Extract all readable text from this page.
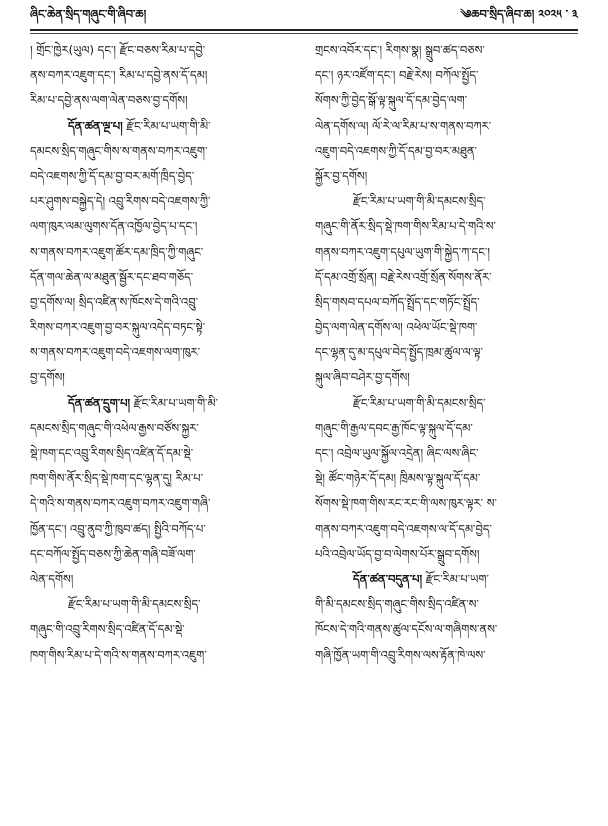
ཞིང་ཆེན་སྲིད་གཞུང་གི་ཞིབ་ཆ།	༄ཆབ་སྲིད་ཞིབ་ཆ། ༢༠༢༥ ་ ༣
། གྲོང་ཁྱེར(ཡུལ) དང་། རྫོང་བཅས་རིམ་པ་དབྱེ་
ནས་བཀར་འཇུག་དང་། རིམ་པ་དབྱེ་ནས་དོ་དམ།
རིམ་པ་དབྱེ་ནས་ལག་ལེན་བཅས་བྱ་དགོས།
དོན་ཚན་ལྔ་པ། རྫོང་རིམ་པ་ཡག་གི་མི་
དམངས་སྲིད་གཞུང་གིས་ས་གནས་བཀར་འཇུག་
བདེ་འཇགས་ཀྱི་དོ་དམ་བྱ་བར་མགོ་ཁྲིད་བྱེད་
པར་ཤུགས་བསྐྱེད་དེ། འབྲུ་རིགས་བདེ་འཇགས་ཀྱི་
ལག་ཁུར་ལམ་ལུགས་དོན་འཁྱོལ་བྱེད་པ་དང་།
ས་གནས་བཀར་འཇུག་ཚོར་དམ་ཁྲིད་ཀྱི་གཞུང་
དོན་གལ་ཆེན་ལ་མཐུན་སྦྱོར་དང་ཐབ་གཅོད་
བྱ་དགོས་ལ། སྲིད་འཛིན་ས་ཁོངས་དེ་གའི་འབྲུ་
རིགས་བཀར་འཇུག་བྱ་བར་སྐུལ་འདེད་བཏང་སྟེ་
ས་གནས་བཀར་འཇུག་བདེ་འཇགས་ལག་ཁུར་
བྱ་དགོས།
དོན་ཚན་དྲུག་པ། རྫོང་རིམ་པ་ཡག་གི་མི་
དམངས་སྲིད་གཞུང་གི་འཕེལ་རྒྱས་བཙོས་སྐྱར་
སྡེ་ཁག་དང་འབྲུ་རིགས་སྲིད་འཛིན་དོ་དམ་སྡེ་
ཁག་གིས་ནོར་སྲིད་སྡེ་ཁག་དང་ལྷན་དུ། རིམ་པ་
དེ་གའི་ས་གནས་བཀར་འཇུག་བཀར་འཇུག་གཞི་
ཁྱོན་དང་། འབྲུ་ནུབ་ཀྱི་ཁུབ་ཚད། སྤྱིའི་བཀོད་པ་
དང་བཀོལ་སྤྱོད་བཅས་ཀྱི་ཆེན་གཞི་བཟོ་ལག་
ལེན་དགོས།
རྫོང་རིམ་པ་ཡག་གི་མི་དམངས་སྲིད་
གཞུང་གི་འབྲུ་རིགས་སྲིད་འཛིན་དོ་དམ་སྡེ་
ཁག་གིས་རིམ་པ་དེ་གའི་ས་གནས་བཀར་འཇུག་
གྲངས་འབོར་དང་། རིགས་སྣ། སྒྲུབ་ཚད་བཅས་
དང་། ཉར་འཛོག་དང་། བརྗེ་རེས། བཀོལ་སྤྱོད་
སོགས་ཀྱི་བྱེད་སྒོ་ལྟ་སྐུལ་དོ་དམ་བྱེད་ལག་
ལེན་དགོས་ལ། ལོ་རེ་ལ་རིམ་པ་ས་གནས་བཀར་
འཇུག་བདེ་འཇགས་ཀྱི་དོ་དམ་བྱ་བར་མཐུན་
སྐྱོར་བྱ་དགོས།
རྫོང་རིམ་པ་ཡག་གི་མི་དམངས་སྲིད་
གཞུང་གི་ནོར་སྲིད་སྡེ་ཁག་གིས་རིམ་པ་དེ་གའི་ས་
གནས་བཀར་འཇུག་དཔུལ་ཡུག་གི་སྐྱེད་ཀ་དང་།
དོ་དམ་འགྲོ་སྲོན། བརྗེ་རེས་འགྲོ་སྲོན་སོགས་ནོར་
སྲིད་གསབ་དཔལ་བཀོད་སྤྲོད་དང་གཏོང་སྤྲོད་
བྱེད་ལག་ལེན་དགོས་ལ། འཕེལ་ཡོང་སྡེ་ཁག་
དང་ལྷན་དུ་མ་དཔུལ་བེད་སྤྱོད་ཁྲམ་ཚུལ་ལ་ལྟ་
སྐུལ་ཞིབ་བཤེར་བྱ་དགོས།
རྫོང་རིམ་པ་ཡག་གི་མི་དམངས་སྲིད་
གཞུང་གི་རྒྱལ་དབང་རྒྱ་ཁོང་ལྟ་སྐུལ་དོ་དམ་
དང་། འབྲེལ་ཡུལ་སྐྱོལ་འདྲེན། ཞིང་ལས་ཞིང་
སྡེ། ཚོང་གཉེར་དོ་དམ། ཁྲིམས་ལྟ་སྐུལ་དོ་དམ་
སོགས་སྡེ་ཁག་གིས་རང་རང་གི་ལས་ཁུར་ལྟར་ ས་
གནས་བཀར་འཇུག་བདེ་འཇགས་ལ་དོ་དམ་བྱེད་
པའི་འབྲེལ་ཡོད་བྱ་བ་ལེགས་པོར་སྒྲུབ་དགོས།
དོན་ཚན་བདུན་པ། རྫོང་རིམ་པ་ཡག་
གི་མི་དམངས་སྲིད་གཞུང་གིས་སྲིད་འཛིན་ས་
ཁོངས་དེ་གའི་གནས་ཚུལ་དངོས་ལ་གཞིགས་ནས་
གཞི་ཁྱོན་ཡག་གི་འབྲུ་རིགས་ལས་རྟོན་ཁེ་ལས་
